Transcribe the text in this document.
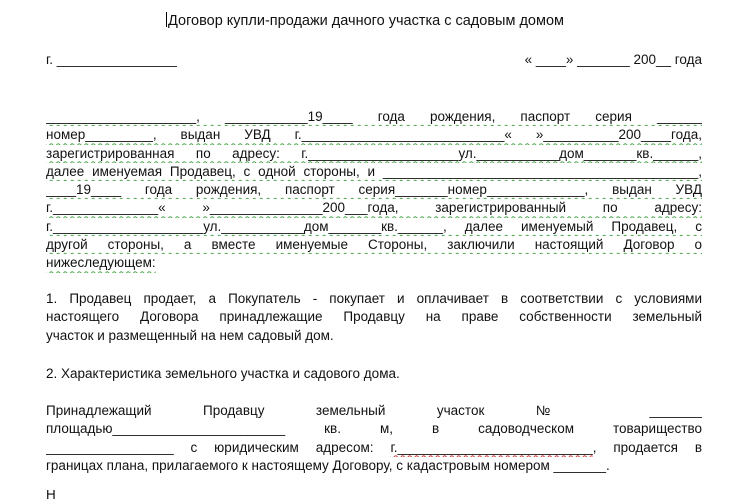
Договор купли-продажи дачного участка с садовым домом
г. ________________	« ____» _______ 200__ года
____________________, ___________19____ года рождения, паспорт серия ______
номер_________, выдан УВД г.___________________________« »__________200____года,
зарегистрированная по адресу: г.____________________ул.___________дом_______кв.______,
далее именуемая Продавец, с одной стороны, и __________________________________________,
____19____ года рождения, паспорт серия_______номер_____________, выдан УВД
г.______________« »_______________200___года, зарегистрированный по адресу:
г.____________________ул.___________дом_______кв.______, далее именуемый Продавец, с
другой стороны, а вместе именуемые Стороны, заключили настоящий Договор о
нижеследующем:
1. Продавец продает, а Покупатель - покупает и оплачивает в соответствии с условиями
настоящего Договора принадлежащие Продавцу на праве собственности земельный
участок и размещенный на нем садовый дом.
2. Характеристика земельного участка и садового дома.
Принадлежащий Продавцу земельный участок № _______
площадью_______________________ кв. м, в садоводческом товарищество
_________________ с юридическим адресом: г.__________________________, продается в
границах плана, прилагаемого к настоящему Договору, с кадастровым номером _______.
Н
